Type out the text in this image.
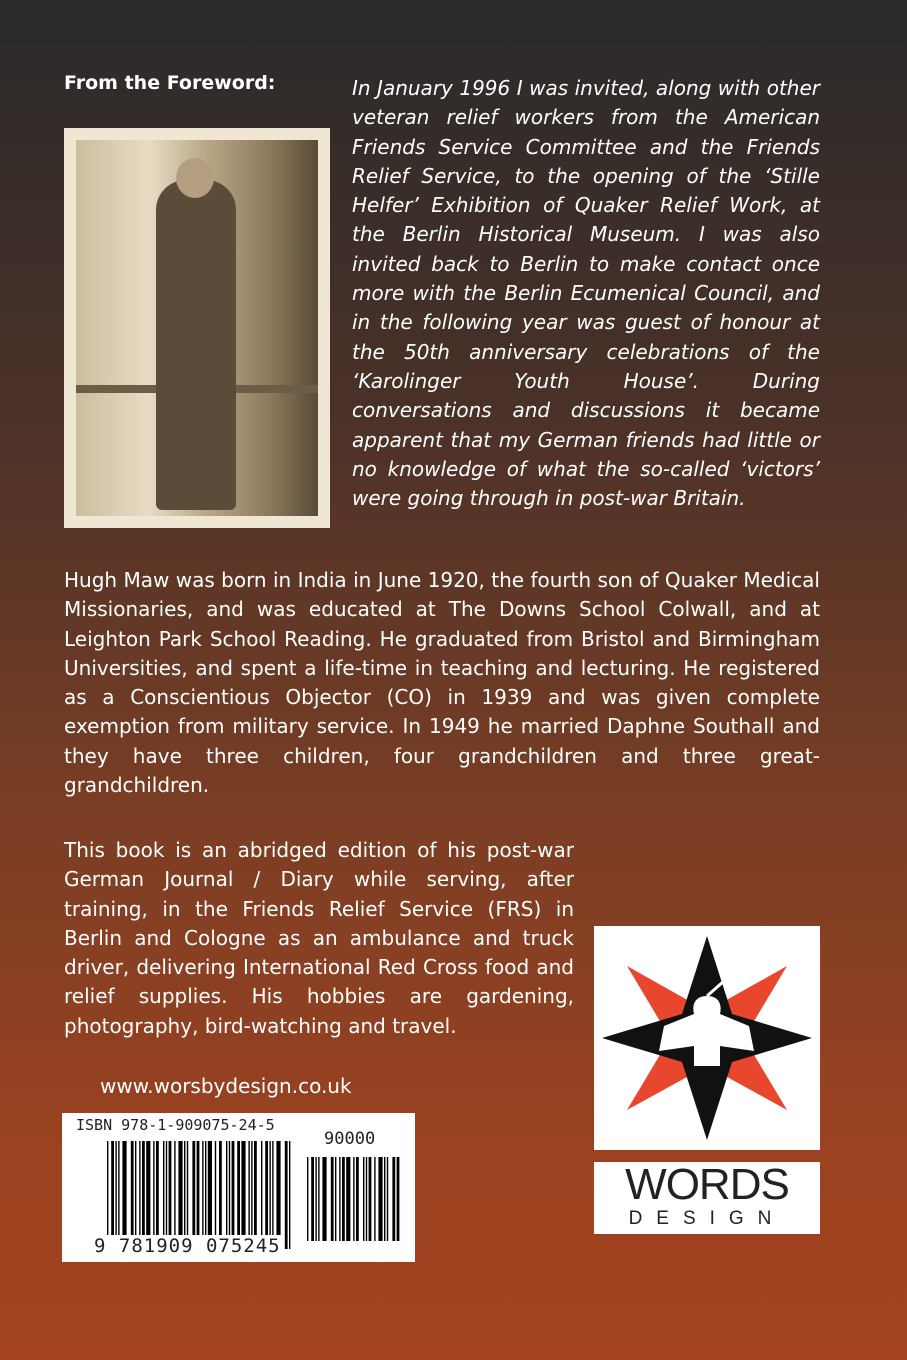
From the Foreword:	In January 1996 I was invited, along with other veteran relief workers from the American Friends Service Committee and the Friends Relief Service, to the opening of the ‘Stille Helfer’ Exhibition of Quaker Relief Work, at the Berlin Historical Museum. I was also invited back to Berlin to make contact once more with the Berlin Ecumenical Council, and in the following year was guest of honour at the 50th anniversary celebrations of the ‘Karolinger Youth House’. During conversations and discussions it became apparent that my German friends had little or no knowledge of what the so-called ‘victors’ were going through in post-war Britain.
Hugh Maw was born in India in June 1920, the fourth son of Quaker Medical Missionaries, and was educated at The Downs School Colwall, and at Leighton Park School Reading. He graduated from Bristol and Birmingham Universities, and spent a life-time in teaching and lecturing. He registered as a Conscientious Objector (CO) in 1939 and was given complete exemption from military service. In 1949 he married Daphne Southall and they have three children, four grandchildren and three great-grandchildren.
WORDS
DESIGN
This book is an abridged edition of his post-war German Journal / Diary while serving, after training, in the Friends Relief Service (FRS) in Berlin and Cologne as an ambulance and truck driver, delivering International Red Cross food and relief supplies. His hobbies are gardening, photography, bird-watching and travel.
www.worsbydesign.co.uk
ISBN 978-1-909075-24-5
90000
9 781909 075245
